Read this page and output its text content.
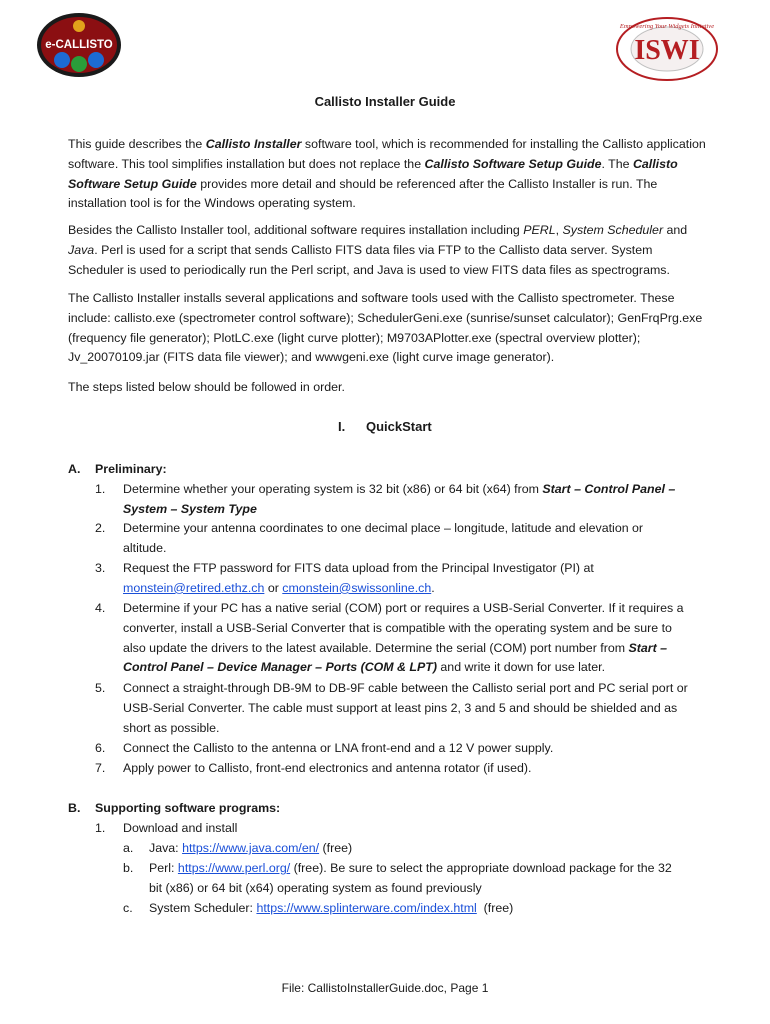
e-CALLISTO
Empowering Your Widgets Initiative
ISWI
Callisto Installer Guide

This guide describes the Callisto Installer software tool, which is recommended for installing the Callisto application software. This tool simplifies installation but does not replace the Callisto Software Setup Guide. The Callisto Software Setup Guide provides more detail and should be referenced after the Callisto Installer is run. The installation tool is for the Windows operating system.

Besides the Callisto Installer tool, additional software requires installation including PERL, System Scheduler and Java. Perl is used for a script that sends Callisto FITS data files via FTP to the Callisto data server. System Scheduler is used to periodically run the Perl script, and Java is used to view FITS data files as spectrograms.

The Callisto Installer installs several applications and software tools used with the Callisto spectrometer. These include: callisto.exe (spectrometer control software); SchedulerGeni.exe (sunrise/sunset calculator); GenFrqPrg.exe (frequency file generator); PlotLC.exe (light curve plotter); M9703APlotter.exe (spectral overview plotter); Jv_20070109.jar (FITS data file viewer); and wwwgeni.exe (light curve image generator).

The steps listed below should be followed in order.

I. QuickStart
A. Preliminary:
1. Determine whether your operating system is 32 bit (x86) or 64 bit (x64) from Start – Control Panel –
System – System Type
2. Determine your antenna coordinates to one decimal place – longitude, latitude and elevation or
altitude.
3. Request the FTP password for FITS data upload from the Principal Investigator (PI) at
monstein@retired.ethz.ch or cmonstein@swissonline.ch.
4. Determine if your PC has a native serial (COM) port or requires a USB-Serial Converter. If it requires a
converter, install a USB-Serial Converter that is compatible with the operating system and be sure to
also update the drivers to the latest available. Determine the serial (COM) port number from Start –
Control Panel – Device Manager – Ports (COM & LPT) and write it down for use later.
5. Connect a straight-through DB-9M to DB-9F cable between the Callisto serial port and PC serial port or
USB-Serial Converter. The cable must support at least pins 2, 3 and 5 and should be shielded and as
short as possible.
6. Connect the Callisto to the antenna or LNA front-end and a 12 V power supply.
7. Apply power to Callisto, front-end electronics and antenna rotator (if used).
B. Supporting software programs:
1. Download and install
a. Java: https://www.java.com/en/ (free)
b. Perl: https://www.perl.org/ (free). Be sure to select the appropriate download package for the 32
bit (x86) or 64 bit (x64) operating system as found previously
c. System Scheduler: https://www.splinterware.com/index.html  (free)
File: CallistoInstallerGuide.doc, Page 1
